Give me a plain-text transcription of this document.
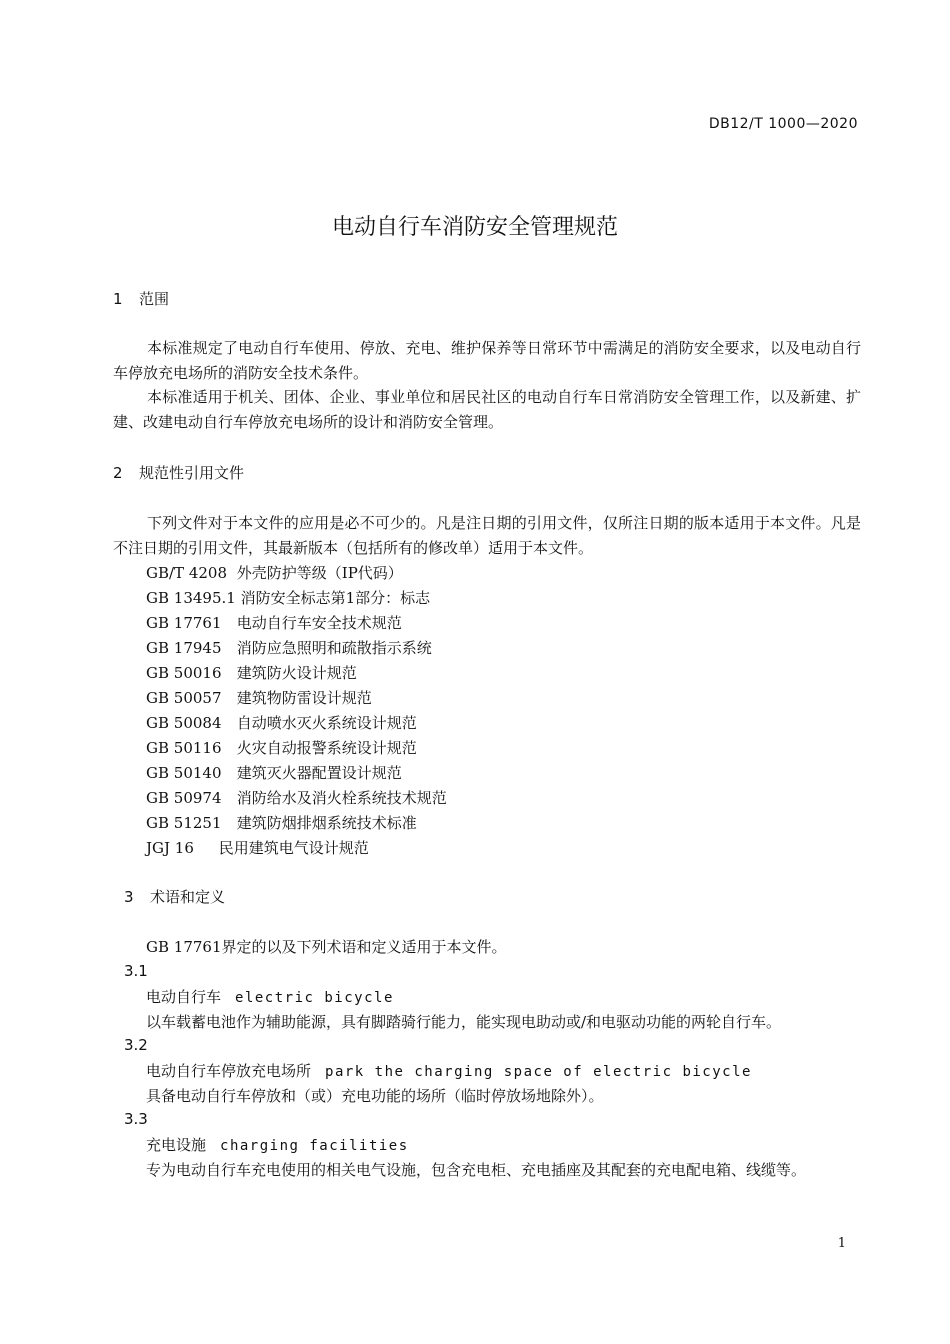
DB12/T 1000—2020
电动自行车消防安全管理规范
1 范围
本标准规定了电动自行车使用、停放、充电、维护保养等日常环节中需满足的消防安全要求，以及电动自行车停放充电场所的消防安全技术条件。
本标准适用于机关、团体、企业、事业单位和居民社区的电动自行车日常消防安全管理工作，以及新建、扩建、改建电动自行车停放充电场所的设计和消防安全管理。
2 规范性引用文件
下列文件对于本文件的应用是必不可少的。凡是注日期的引用文件，仅所注日期的版本适用于本文件。凡是不注日期的引用文件，其最新版本（包括所有的修改单）适用于本文件。
GB/T 4208 外壳防护等级（IP代码）
GB 13495.1 消防安全标志第1部分：标志
GB 17761 电动自行车安全技术规范
GB 17945 消防应急照明和疏散指示系统
GB 50016 建筑防火设计规范
GB 50057 建筑物防雷设计规范
GB 50084 自动喷水灭火系统设计规范
GB 50116 火灾自动报警系统设计规范
GB 50140 建筑灭火器配置设计规范
GB 50974 消防给水及消火栓系统技术规范
GB 51251 建筑防烟排烟系统技术标准
JGJ 16 民用建筑电气设计规范
3 术语和定义
GB 17761界定的以及下列术语和定义适用于本文件。
3.1
电动自行车 electric bicycle
以车载蓄电池作为辅助能源，具有脚踏骑行能力，能实现电助动或/和电驱动功能的两轮自行车。
3.2
电动自行车停放充电场所 park the charging space of electric bicycle
具备电动自行车停放和（或）充电功能的场所（临时停放场地除外）。
3.3
充电设施 charging facilities
专为电动自行车充电使用的相关电气设施，包含充电柜、充电插座及其配套的充电配电箱、线缆等。
1
